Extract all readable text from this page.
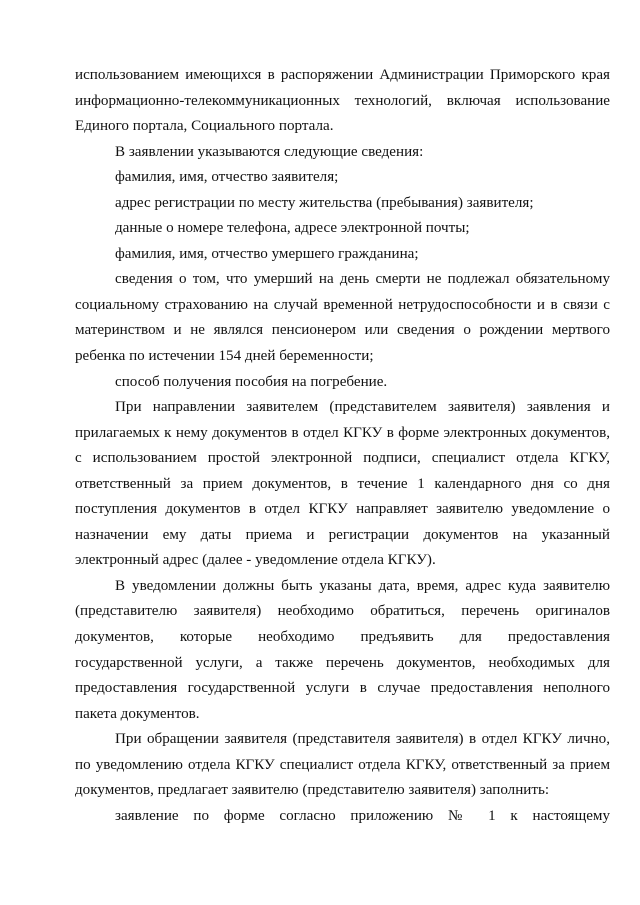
использованием имеющихся в распоряжении Администрации Приморского края
информационно-телекоммуникационных технологий, включая использование
Единого портала, Социального портала.
В заявлении указываются следующие сведения:
фамилия, имя, отчество заявителя;
адрес регистрации по месту жительства (пребывания) заявителя;
данные о номере телефона, адресе электронной почты;
фамилия, имя, отчество умершего гражданина;
сведения о том, что умерший на день смерти не подлежал обязательному
социальному страхованию на случай временной нетрудоспособности и в связи с
материнством и не являлся пенсионером или сведения о рождении мертвого
ребенка по истечении 154 дней беременности;
способ получения пособия на погребение.
При направлении заявителем (представителем заявителя) заявления и
прилагаемых к нему документов в отдел КГКУ в форме электронных документов,
с использованием простой электронной подписи, специалист отдела КГКУ,
ответственный за прием документов, в течение 1 календарного дня со дня
поступления документов в отдел КГКУ направляет заявителю уведомление о
назначении ему даты приема и регистрации документов на указанный
электронный адрес (далее - уведомление отдела КГКУ).
В уведомлении должны быть указаны дата, время, адрес куда заявителю
(представителю заявителя) необходимо обратиться, перечень оригиналов
документов, которые необходимо предъявить для предоставления
государственной услуги, а также перечень документов, необходимых для
предоставления государственной услуги в случае предоставления неполного
пакета документов.
При обращении заявителя (представителя заявителя) в отдел КГКУ лично,
по уведомлению отдела КГКУ специалист отдела КГКУ, ответственный за прием
документов, предлагает заявителю (представителю заявителя) заполнить:
заявление по форме согласно приложению № 1 к настоящему
